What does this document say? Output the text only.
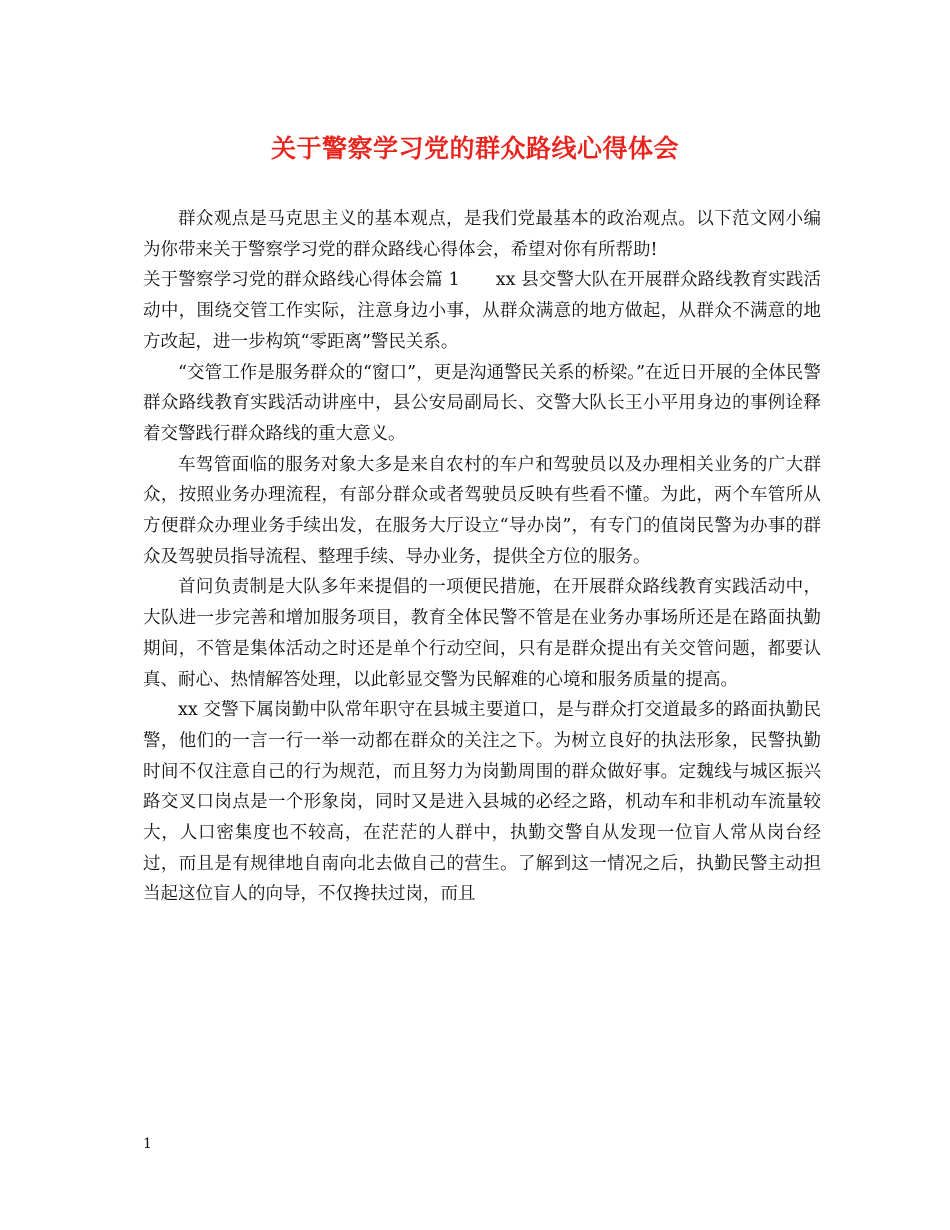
关于警察学习党的群众路线心得体会

群众观点是马克思主义的基本观点，是我们党最基本的政治观点。以下范文网小编为你带来关于警察学习党的群众路线心得体会，希望对你有所帮助!

关于警察学习党的群众路线心得体会篇 1 xx 县交警大队在开展群众路线教育实践活动中，围绕交管工作实际，注意身边小事，从群众满意的地方做起，从群众不满意的地方改起，进一步构筑“零距离”警民关系。

“交管工作是服务群众的“窗口”，更是沟通警民关系的桥梁。”在近日开展的全体民警群众路线教育实践活动讲座中，县公安局副局长、交警大队长王小平用身边的事例诠释着交警践行群众路线的重大意义。

车驾管面临的服务对象大多是来自农村的车户和驾驶员以及办理相关业务的广大群众，按照业务办理流程，有部分群众或者驾驶员反映有些看不懂。为此，两个车管所从方便群众办理业务手续出发，在服务大厅设立“导办岗”，有专门的值岗民警为办事的群众及驾驶员指导流程、整理手续、导办业务，提供全方位的服务。

首问负责制是大队多年来提倡的一项便民措施，在开展群众路线教育实践活动中，大队进一步完善和增加服务项目，教育全体民警不管是在业务办事场所还是在路面执勤期间，不管是集体活动之时还是单个行动空间，只有是群众提出有关交管问题，都要认真、耐心、热情解答处理，以此彰显交警为民解难的心境和服务质量的提高。

xx 交警下属岗勤中队常年职守在县城主要道口，是与群众打交道最多的路面执勤民警，他们的一言一行一举一动都在群众的关注之下。为树立良好的执法形象，民警执勤时间不仅注意自己的行为规范，而且努力为岗勤周围的群众做好事。定魏线与城区振兴路交叉口岗点是一个形象岗，同时又是进入县城的必经之路，机动车和非机动车流量较大，人口密集度也不较高，在茫茫的人群中，执勤交警自从发现一位盲人常从岗台经过，而且是有规律地自南向北去做自己的营生。了解到这一情况之后，执勤民警主动担当起这位盲人的向导，不仅搀扶过岗，而且

1
